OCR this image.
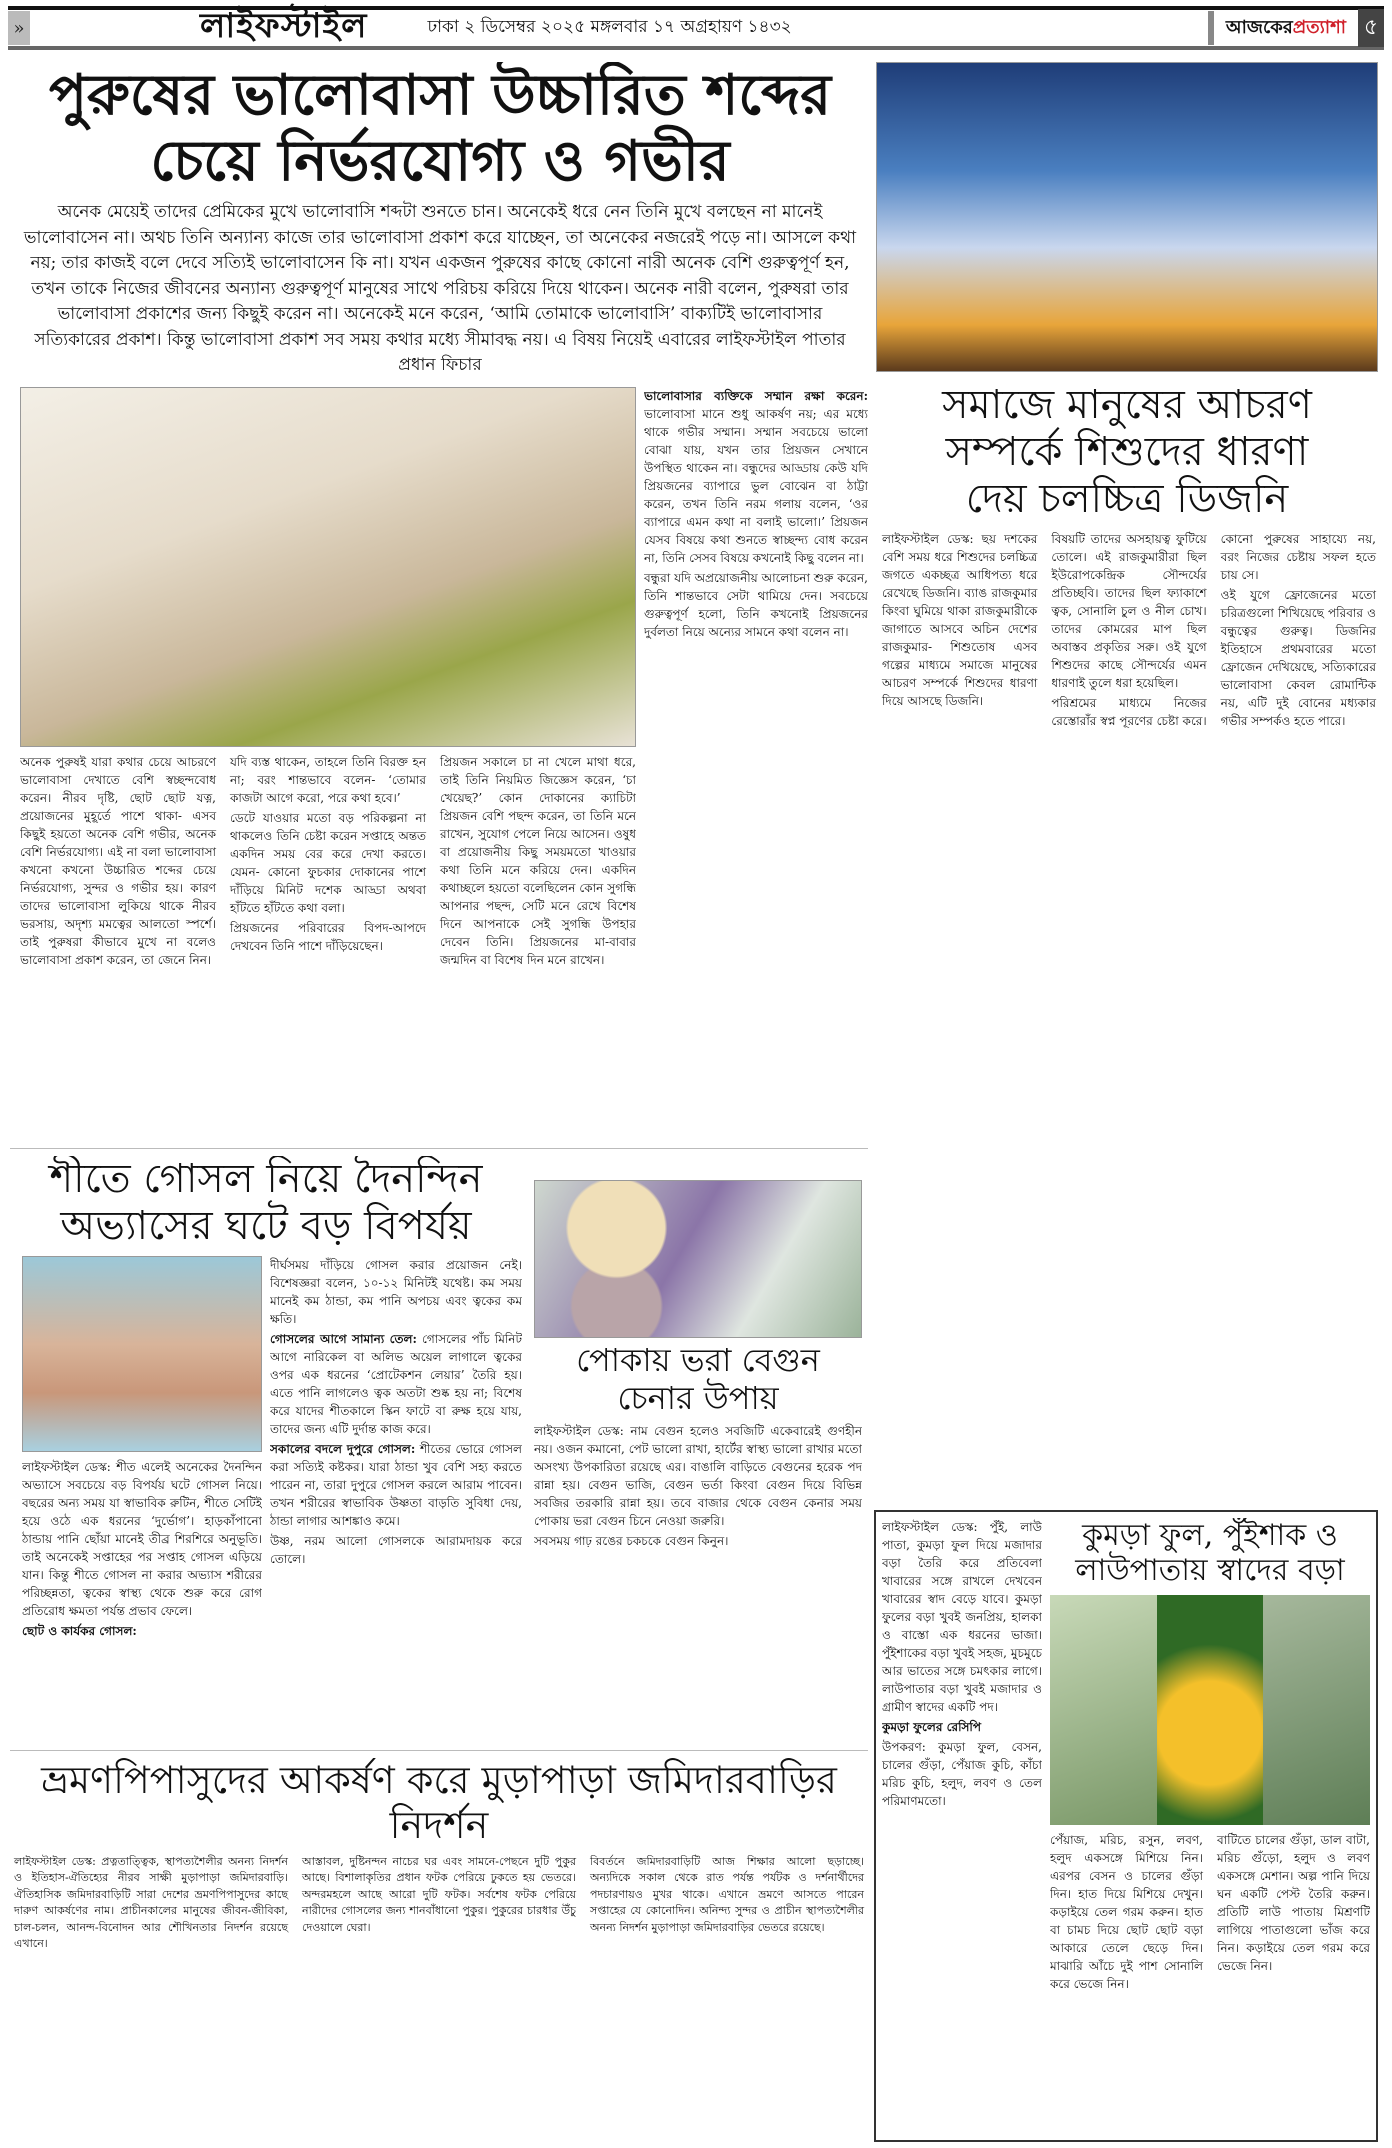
»	লাইফস্টাইল	ঢাকা ২ ডিসেম্বর ২০২৫ মঙ্গলবার ১৭ অগ্রহায়ণ ১৪৩২	আজকেরপ্রত্যাশা ৫
পুরুষের ভালোবাসা উচ্চারিত শব্দের
চেয়ে নির্ভরযোগ্য ও গভীর
অনেক মেয়েই তাদের প্রেমিকের মুখে ভালোবাসি শব্দটা শুনতে চান। অনেকেই ধরে নেন তিনি মুখে বলছেন না মানেই ভালোবাসেন না। অথচ তিনি অন্যান্য কাজে তার ভালোবাসা প্রকাশ করে যাচ্ছেন, তা অনেকের নজরেই পড়ে না। আসলে কথা নয়; তার কাজই বলে দেবে সত্যিই ভালোবাসেন কি না। যখন একজন পুরুষের কাছে কোনো নারী অনেক বেশি গুরুত্বপূর্ণ হন, তখন তাকে নিজের জীবনের অন্যান্য গুরুত্বপূর্ণ মানুষের সাথে পরিচয় করিয়ে দিয়ে থাকেন। অনেক নারী বলেন, পুরুষরা তার ভালোবাসা প্রকাশের জন্য কিছুই করেন না। অনেকেই মনে করেন, ‘আমি তোমাকে ভালোবাসি’ বাক্যটিই ভালোবাসার সত্যিকারের প্রকাশ। কিন্তু ভালোবাসা প্রকাশ সব সময় কথার মধ্যে সীমাবদ্ধ নয়। এ বিষয় নিয়েই এবারের লাইফস্টাইল পাতার প্রধান ফিচার

অনেক পুরুষই যারা কথার চেয়ে আচরণে ভালোবাসা দেখাতে বেশি স্বচ্ছন্দবোধ করেন। নীরব দৃষ্টি, ছোট ছোট যত্ন, প্রয়োজনের মুহূর্তে পাশে থাকা- এসব কিছুই হয়তো অনেক বেশি গভীর, অনেক বেশি নির্ভরযোগ্য। এই না বলা ভালোবাসা কখনো কখনো উচ্চারিত শব্দের চেয়ে নির্ভরযোগ্য, সুন্দর ও গভীর হয়। কারণ তাদের ভালোবাসা লুকিয়ে থাকে নীরব ভরসায়, অদৃশ্য মমত্বের আলতো স্পর্শে। তাই পুরুষরা কীভাবে মুখে না বলেও ভালোবাসা প্রকাশ করেন, তা জেনে নিন।

যদি ব্যস্ত থাকেন, তাহলে তিনি বিরক্ত হন না; বরং শান্তভাবে বলেন- ‘তোমার কাজটা আগে করো, পরে কথা হবে।’

ডেটে যাওয়ার মতো বড় পরিকল্পনা না থাকলেও তিনি চেষ্টা করেন সপ্তাহে অন্তত একদিন সময় বের করে দেখা করতে। যেমন- কোনো ফুচকার দোকানের পাশে দাঁড়িয়ে মিনিট দশেক আড্ডা অথবা হাঁটতে হাঁটতে কথা বলা।

প্রিয়জনের পরিবারের বিপদ-আপদে দেখবেন তিনি পাশে দাঁড়িয়েছেন।

প্রিয়জন সকালে চা না খেলে মাথা ধরে, তাই তিনি নিয়মিত জিজ্ঞেস করেন, ‘চা খেয়েছ?’ কোন দোকানের ক্যাচিটা প্রিয়জন বেশি পছন্দ করেন, তা তিনি মনে রাখেন, সুযোগ পেলে নিয়ে আসেন। ওষুধ বা প্রয়োজনীয় কিছু সময়মতো খাওয়ার কথা তিনি মনে করিয়ে দেন। একদিন কথাচ্ছলে হয়তো বলেছিলেন কোন সুগন্ধি আপনার পছন্দ, সেটি মনে রেখে বিশেষ দিনে আপনাকে সেই সুগন্ধি উপহার দেবেন তিনি। প্রিয়জনের মা-বাবার জন্মদিন বা বিশেষ দিন মনে রাখেন।

ভালোবাসার ব্যক্তিকে সম্মান রক্ষা করেন: ভালোবাসা মানে শুধু আকর্ষণ নয়; এর মধ্যে থাকে গভীর সম্মান। সম্মান সবচেয়ে ভালো বোঝা যায়, যখন তার প্রিয়জন সেখানে উপস্থিত থাকেন না। বন্ধুদের আড্ডায় কেউ যদি প্রিয়জনের ব্যাপারে ভুল বোঝেন বা ঠাট্টা করেন, তখন তিনি নরম গলায় বলেন, ‘ওর ব্যাপারে এমন কথা না বলাই ভালো।’ প্রিয়জন যেসব বিষয়ে কথা শুনতে স্বাচ্ছন্দ্য বোধ করেন না, তিনি সেসব বিষয়ে কখনোই কিছু বলেন না।

বন্ধুরা যদি অপ্রয়োজনীয় আলোচনা শুরু করেন, তিনি শান্তভাবে সেটা থামিয়ে দেন। সবচেয়ে গুরুত্বপূর্ণ হলো, তিনি কখনোই প্রিয়জনের দুর্বলতা নিয়ে অন্যের সামনে কথা বলেন না।

সমাজে মানুষের আচরণ
সম্পর্কে শিশুদের ধারণা
দেয় চলচ্চিত্র ডিজনি

লাইফস্টাইল ডেস্ক: ছয় দশকের বেশি সময় ধরে শিশুদের চলচ্চিত্র জগতে একচ্ছত্র আধিপত্য ধরে রেখেছে ডিজনি। ব্যাঙ রাজকুমার কিংবা ঘুমিয়ে থাকা রাজকুমারীকে জাগাতে আসবে অচিন দেশের রাজকুমার- শিশুতোষ এসব গল্পের মাধ্যমে সমাজে মানুষের আচরণ সম্পর্কে শিশুদের ধারণা দিয়ে আসছে ডিজনি।

বিষয়টি তাদের অসহায়ত্ব ফুটিয়ে তোলে। এই রাজকুমারীরা ছিল ইউরোপকেন্দ্রিক সৌন্দর্যের প্রতিচ্ছবি। তাদের ছিল ফ্যাকাশে ত্বক, সোনালি চুল ও নীল চোখ। তাদের কোমরের মাপ ছিল অবাস্তব প্রকৃতির সরু। ওই যুগে শিশুদের কাছে সৌন্দর্যের এমন ধারণাই তুলে ধরা হয়েছিল।

পরিশ্রমের মাধ্যমে নিজের রেস্তোরাঁর স্বপ্ন পূরণের চেষ্টা করে। কোনো পুরুষের সাহায্যে নয়, বরং নিজের চেষ্টায় সফল হতে চায় সে।

ওই যুগে ফ্রোজেনের মতো চরিত্রগুলো শিখিয়েছে পরিবার ও বন্ধুত্বের গুরুত্ব। ডিজনির ইতিহাসে প্রথমবারের মতো ফ্রোজেন দেখিয়েছে, সত্যিকারের ভালোবাসা কেবল রোমান্টিক নয়, এটি দুই বোনের মধ্যকার গভীর সম্পর্কও হতে পারে।

শীতে গোসল নিয়ে দৈনন্দিন
অভ্যাসের ঘটে বড় বিপর্যয়

লাইফস্টাইল ডেস্ক: শীত এলেই অনেকের দৈনন্দিন অভ্যাসে সবচেয়ে বড় বিপর্যয় ঘটে গোসল নিয়ে। বছরের অন্য সময় যা স্বাভাবিক রুটিন, শীতে সেটিই হয়ে ওঠে এক ধরনের ‘দুর্ভোগ’। হাড়কাঁপানো ঠান্ডায় পানি ছোঁয়া মানেই তীব্র শিরশিরে অনুভূতি। তাই অনেকেই সপ্তাহের পর সপ্তাহ গোসল এড়িয়ে যান। কিন্তু শীতে গোসল না করার অভ্যাস শরীরের পরিচ্ছন্নতা, ত্বকের স্বাস্থ্য থেকে শুরু করে রোগ প্রতিরোধ ক্ষমতা পর্যন্ত প্রভাব ফেলে।

ছোট ও কার্যকর গোসল:

দীর্ঘসময় দাঁড়িয়ে গোসল করার প্রয়োজন নেই। বিশেষজ্ঞরা বলেন, ১০-১২ মিনিটই যথেষ্ট। কম সময় মানেই কম ঠান্ডা, কম পানি অপচয় এবং ত্বকের কম ক্ষতি।

গোসলের আগে সামান্য তেল: গোসলের পাঁচ মিনিট আগে নারিকেল বা অলিভ অয়েল লাগালে ত্বকের ওপর এক ধরনের ‘প্রোটেকশন লেয়ার’ তৈরি হয়। এতে পানি লাগলেও ত্বক অতটা শুষ্ক হয় না; বিশেষ করে যাদের শীতকালে স্কিন ফাটে বা রুক্ষ হয়ে যায়, তাদের জন্য এটি দুর্দান্ত কাজ করে।

সকালের বদলে দুপুরে গোসল: শীতের ভোরে গোসল করা সত্যিই কষ্টকর। যারা ঠান্ডা খুব বেশি সহ্য করতে পারেন না, তারা দুপুরে গোসল করলে আরাম পাবেন। তখন শরীরের স্বাভাবিক উষ্ণতা বাড়তি সুবিধা দেয়, ঠান্ডা লাগার আশঙ্কাও কমে।

উষ্ণ, নরম আলো গোসলকে আরামদায়ক করে তোলে।

পোকায় ভরা বেগুন
চেনার উপায়

লাইফস্টাইল ডেস্ক: নাম বেগুন হলেও সবজিটি একেবারেই গুণহীন নয়। ওজন কমানো, পেট ভালো রাখা, হার্টের স্বাস্থ্য ভালো রাখার মতো অসংখ্য উপকারিতা রয়েছে এর। বাঙালি বাড়িতে বেগুনের হরেক পদ রান্না হয়। বেগুন ভাজি, বেগুন ভর্তা কিংবা বেগুন দিয়ে বিভিন্ন সবজির তরকারি রান্না হয়। তবে বাজার থেকে বেগুন কেনার সময় পোকায় ভরা বেগুন চিনে নেওয়া জরুরি।

সবসময় গাঢ় রঙের চকচকে বেগুন কিনুন।

লাইফস্টাইল ডেস্ক: পুঁই, লাউ পাতা, কুমড়া ফুল দিয়ে মজাদার বড়া তৈরি করে প্রতিবেলা খাবারের সঙ্গে রাখলে দেখবেন খাবারের স্বাদ বেড়ে যাবে। কুমড়া ফুলের বড়া খুবই জনপ্রিয়, হালকা ও বাস্তো এক ধরনের ভাজা। পুঁইশাকের বড়া খুবই সহজ, মুচমুচে আর ভাতের সঙ্গে চমৎকার লাগে। লাউপাতার বড়া খুবই মজাদার ও গ্রামীণ স্বাদের একটি পদ।

কুমড়া ফুলের রেসিপি

উপকরণ: কুমড়া ফুল, বেসন, চালের গুঁড়া, পেঁয়াজ কুচি, কাঁচা মরিচ কুচি, হলুদ, লবণ ও তেল পরিমাণমতো।

কুমড়া ফুল, পুঁইশাক ও
লাউপাতায় স্বাদের বড়া

পেঁয়াজ, মরিচ, রসুন, লবণ, হলুদ একসঙ্গে মিশিয়ে নিন। এরপর বেসন ও চালের গুঁড়া দিন। হাত দিয়ে মিশিয়ে দেখুন। কড়াইয়ে তেল গরম করুন। হাত বা চামচ দিয়ে ছোট ছোট বড়া আকারে তেলে ছেড়ে দিন। মাঝারি আঁচে দুই পাশ সোনালি করে ভেজে নিন।

বাটিতে চালের গুঁড়া, ডাল বাটা, মরিচ গুঁড়ো, হলুদ ও লবণ একসঙ্গে মেশান। অল্প পানি দিয়ে ঘন একটি পেস্ট তৈরি করুন। প্রতিটি লাউ পাতায় মিশ্রণটি লাগিয়ে পাতাগুলো ভাঁজ করে নিন। কড়াইয়ে তেল গরম করে ভেজে নিন।

ভ্রমণপিপাসুদের আকর্ষণ করে মুড়াপাড়া জমিদারবাড়ির নিদর্শন

লাইফস্টাইল ডেস্ক: প্রত্নতাত্ত্বিক, স্থাপত্যশৈলীর অনন্য নিদর্শন ও ইতিহাস-ঐতিহ্যের নীরব সাক্ষী মুড়াপাড়া জমিদারবাড়ি। ঐতিহাসিক জমিদারবাড়িটি সারা দেশের ভ্রমণপিপাসুদের কাছে দারুণ আকর্ষণের নাম। প্রাচীনকালের মানুষের জীবন-জীবিকা, চাল-চলন, আনন্দ-বিনোদন আর শৌখিনতার নিদর্শন রয়েছে এখানে।

আস্তাবল, দুষ্টিনন্দন নাচের ঘর এবং সামনে-পেছনে দুটি পুকুর আছে। বিশালাকৃতির প্রধান ফটক পেরিয়ে ঢুকতে হয় ভেতরে। অন্দরমহলে আছে আরো দুটি ফটক। সর্বশেষ ফটক পেরিয়ে নারীদের গোসলের জন্য শানবাঁধানো পুকুর। পুকুরের চারধার উঁচু দেওয়ালে ঘেরা।

বিবর্তনে জমিদারবাড়িটি আজ শিক্ষার আলো ছড়াচ্ছে। অন্যদিকে সকাল থেকে রাত পর্যন্ত পর্যটক ও দর্শনার্থীদের পদচারণায়ও মুখর থাকে। এখানে ভ্রমণে আসতে পারেন সপ্তাহের যে কোনোদিন। অনিন্দ্য সুন্দর ও প্রাচীন স্থাপত্যশৈলীর অনন্য নিদর্শন মুড়াপাড়া জমিদারবাড়ির ভেতরে রয়েছে।
